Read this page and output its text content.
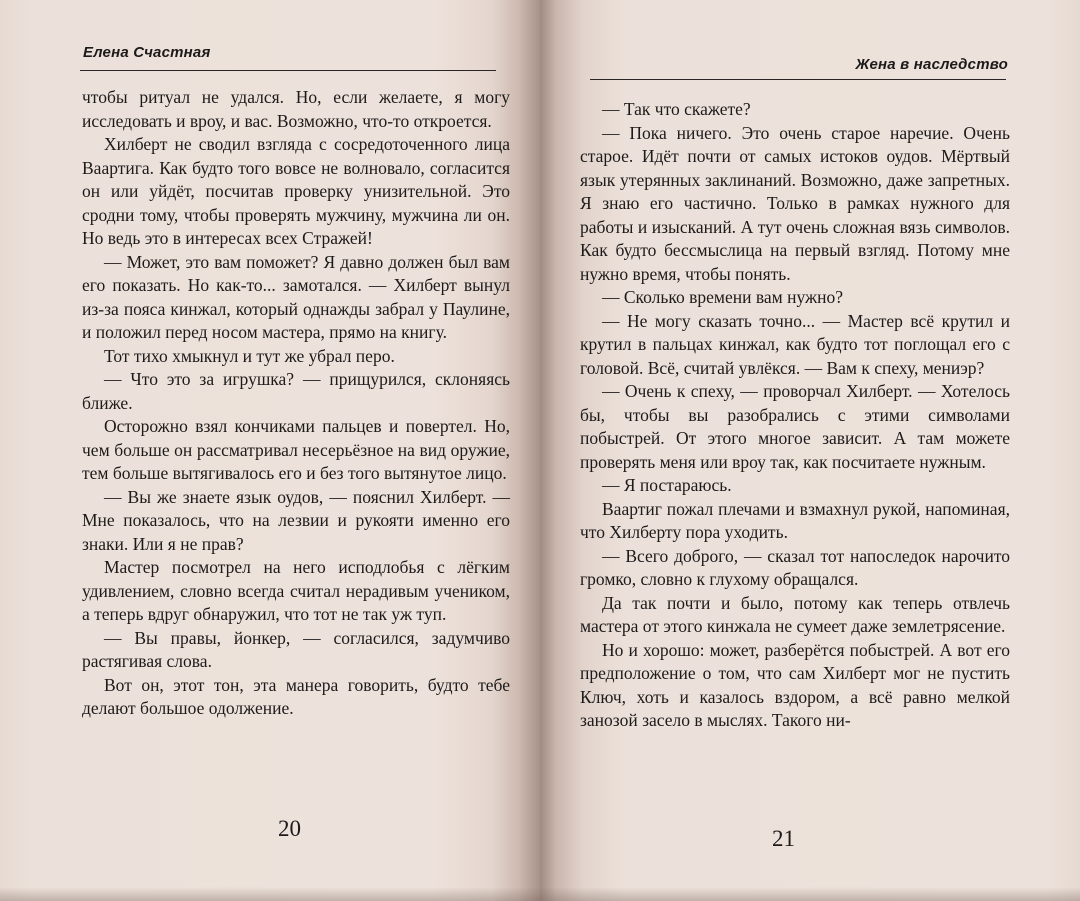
Елена Счастная

чтобы ритуал не удался. Но, если желаете, я могу исследовать и вроу, и вас. Возможно, что-то откроется.

Хилберт не сводил взгляда с сосредоточенного лица Ваартига. Как будто того вовсе не волновало, согласится он или уйдёт, посчитав проверку унизительной. Это сродни тому, чтобы проверять мужчину, мужчина ли он. Но ведь это в интересах всех Стражей!

— Может, это вам поможет? Я давно должен был вам его показать. Но как-то... замотался. — Хилберт вынул из-за пояса кинжал, который однажды забрал у Паулине, и положил перед носом мастера, прямо на книгу.

Тот тихо хмыкнул и тут же убрал перо.

— Что это за игрушка? — прищурился, склоняясь ближе.

Осторожно взял кончиками пальцев и повертел. Но, чем больше он рассматривал несерьёзное на вид оружие, тем больше вытягивалось его и без того вытянутое лицо.

— Вы же знаете язык оудов, — пояснил Хилберт. — Мне показалось, что на лезвии и рукояти именно его знаки. Или я не прав?

Мастер посмотрел на него исподлобья с лёгким удивлением, словно всегда считал нерадивым учеником, а теперь вдруг обнаружил, что тот не так уж туп.

— Вы правы, йонкер, — согласился, задумчиво растягивая слова.

Вот он, этот тон, эта манера говорить, будто тебе делают большое одолжение.

20
Жена в наследство

— Так что скажете?

— Пока ничего. Это очень старое наречие. Очень старое. Идёт почти от самых истоков оудов. Мёртвый язык утерянных заклинаний. Возможно, даже запретных. Я знаю его частично. Только в рамках нужного для работы и изысканий. А тут очень сложная вязь символов. Как будто бессмыслица на первый взгляд. Потому мне нужно время, чтобы понять.

— Сколько времени вам нужно?

— Не могу сказать точно... — Мастер всё крутил и крутил в пальцах кинжал, как будто тот поглощал его с головой. Всё, считай увлёкся. — Вам к спеху, мениэр?

— Очень к спеху, — проворчал Хилберт. — Хотелось бы, чтобы вы разобрались с этими символами побыстрей. От этого многое зависит. А там можете проверять меня или вроу так, как посчитаете нужным.

— Я постараюсь.

Ваартиг пожал плечами и взмахнул рукой, напоминая, что Хилберту пора уходить.

— Всего доброго, — сказал тот напоследок нарочито громко, словно к глухому обращался.

Да так почти и было, потому как теперь отвлечь мастера от этого кинжала не сумеет даже землетрясение.

Но и хорошо: может, разберётся побыстрей. А вот его предположение о том, что сам Хилберт мог не пустить Ключ, хоть и казалось вздором, а всё равно мелкой занозой засело в мыслях. Такого ни-

21
